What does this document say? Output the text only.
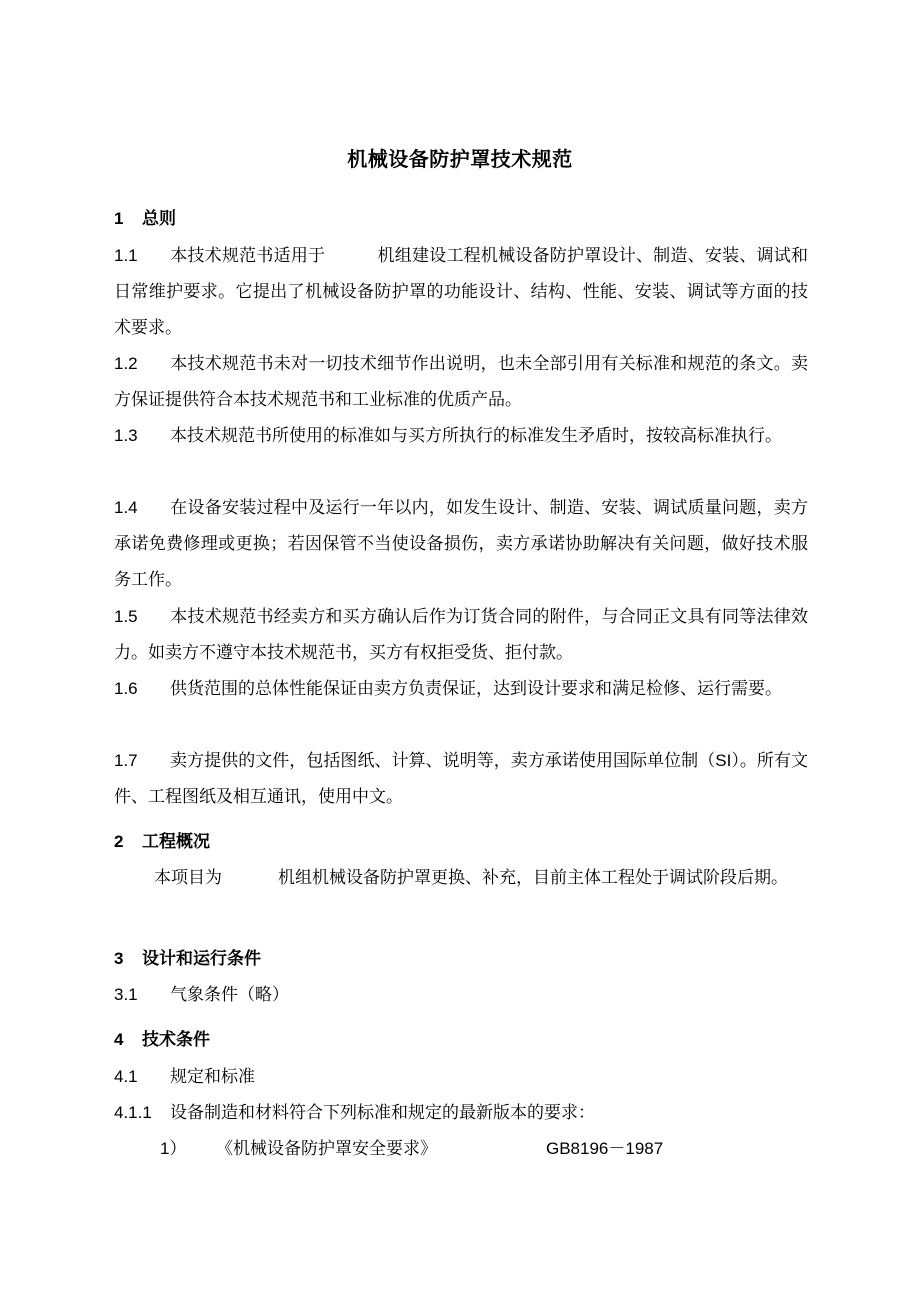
机械设备防护罩技术规范
1 总则
1.1 本技术规范书适用于	机组建设工程机械设备防护罩设计、制造、安装、调试和日常维护要求。它提出了机械设备防护罩的功能设计、结构、性能、安装、调试等方面的技术要求。
1.2 本技术规范书未对一切技术细节作出说明，也未全部引用有关标准和规范的条文。卖方保证提供符合本技术规范书和工业标准的优质产品。
1.3 本技术规范书所使用的标准如与买方所执行的标准发生矛盾时，按较高标准执行。
1.4 在设备安装过程中及运行一年以内，如发生设计、制造、安装、调试质量问题，卖方承诺免费修理或更换；若因保管不当使设备损伤，卖方承诺协助解决有关问题，做好技术服务工作。
1.5 本技术规范书经卖方和买方确认后作为订货合同的附件，与合同正文具有同等法律效力。如卖方不遵守本技术规范书，买方有权拒受货、拒付款。
1.6 供货范围的总体性能保证由卖方负责保证，达到设计要求和满足检修、运行需要。
1.7 卖方提供的文件，包括图纸、计算、说明等，卖方承诺使用国际单位制（SI）。所有文件、工程图纸及相互通讯，使用中文。
2 工程概况
本项目为	机组机械设备防护罩更换、补充，目前主体工程处于调试阶段后期。
3 设计和运行条件
3.1 气象条件（略）
4 技术条件
4.1 规定和标准
4.1.1 设备制造和材料符合下列标准和规定的最新版本的要求：
1） 《机械设备防护罩安全要求》	GB8196－1987
